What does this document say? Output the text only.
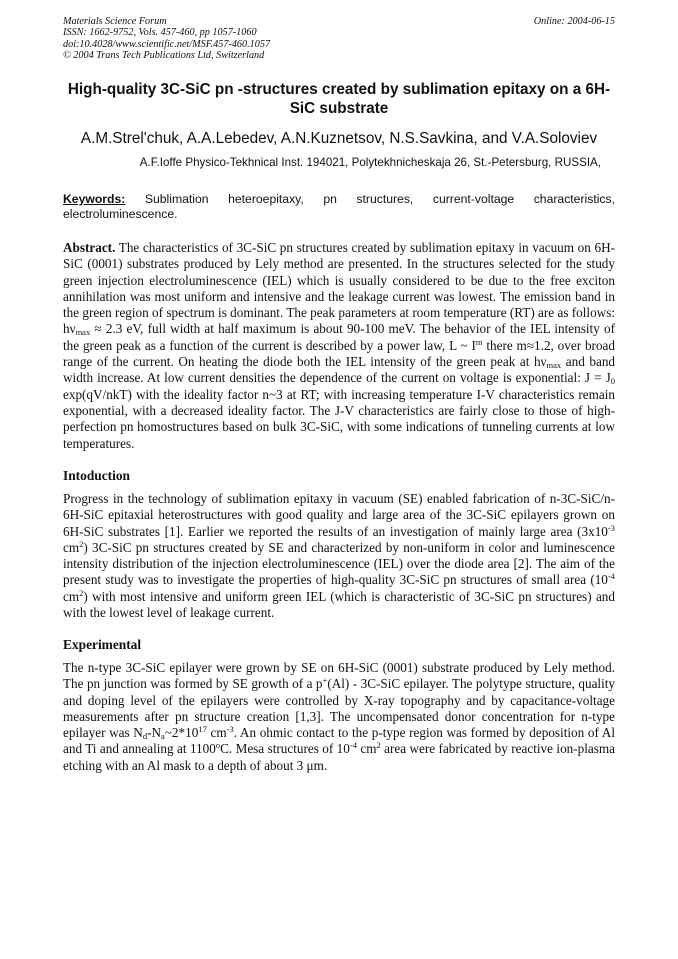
Materials Science Forum
ISSN: 1662-9752, Vols. 457-460, pp 1057-1060
doi:10.4028/www.scientific.net/MSF.457-460.1057
© 2004 Trans Tech Publications Ltd, Switzerland
Online: 2004-06-15
High-quality 3C-SiC pn -structures created by sublimation epitaxy on a 6H-SiC substrate
A.M.Strel'chuk, A.A.Lebedev, A.N.Kuznetsov, N.S.Savkina, and V.A.Soloviev
A.F.Ioffe Physico-Tekhnical Inst. 194021, Polytekhnicheskaja 26, St.-Petersburg, RUSSIA,
Keywords: Sublimation heteroepitaxy, pn structures, current-voltage characteristics, electroluminescence.
Abstract. The characteristics of 3C-SiC pn structures created by sublimation epitaxy in vacuum on 6H-SiC (0001) substrates produced by Lely method are presented. In the structures selected for the study green injection electroluminescence (IEL) which is usually considered to be due to the free exciton annihilation was most uniform and intensive and the leakage current was lowest. The emission band in the green region of spectrum is dominant. The peak parameters at room temperature (RT) are as follows: $h\nu_{max} \approx 2.3$ eV, full width at half maximum is about 90-100 meV. The behavior of the IEL intensity of the green peak as a function of the current is described by a power law, L ~ $I^m$ there m≈1.2, over broad range of the current. On heating the diode both the IEL intensity of the green peak at $h\nu_{max}$ and band width increase. At low current densities the dependence of the current on voltage is exponential: $J = J_0$ exp(qV/nkT) with the ideality factor n~3 at RT; with increasing temperature I-V characteristics remain exponential, with a decreased ideality factor. The J-V characteristics are fairly close to those of high-perfection pn homostructures based on bulk 3C-SiC, with some indications of tunneling currents at low temperatures.
Intoduction
Progress in the technology of sublimation epitaxy in vacuum (SE) enabled fabrication of n-3C-SiC/n-6H-SiC epitaxial heterostructures with good quality and large area of the 3C-SiC epilayers grown on 6H-SiC substrates [1]. Earlier we reported the results of an investigation of mainly large area ($3x10^{-3}$ $cm^2$) 3C-SiC pn structures created by SE and characterized by non-uniform in color and luminescence intensity distribution of the injection electroluminescence (IEL) over the diode area [2]. The aim of the present study was to investigate the properties of high-quality 3C-SiC pn structures of small area ($10^{-4}$ $cm^2$) with most intensive and uniform green IEL (which is characteristic of 3C-SiC pn structures) and with the lowest level of leakage current.
Experimental
The n-type 3C-SiC epilayer were grown by SE on 6H-SiC (0001) substrate produced by Lely method. The pn junction was formed by SE growth of a p+(Al) - 3C-SiC epilayer. The polytype structure, quality and doping level of the epilayers were controlled by X-ray topography and by capacitance-voltage measurements after pn structure creation [1,3]. The uncompensated donor concentration for n-type epilayer was $N_d-N_a\sim 2*10^{17}$ $cm^{-3}$. An ohmic contact to the p-type region was formed by deposition of Al and Ti and annealing at 1100$^o$C. Mesa structures of $10^{-4}$ $cm^2$ area were fabricated by reactive ion-plasma etching with an Al mask to a depth of about 3 μm.
